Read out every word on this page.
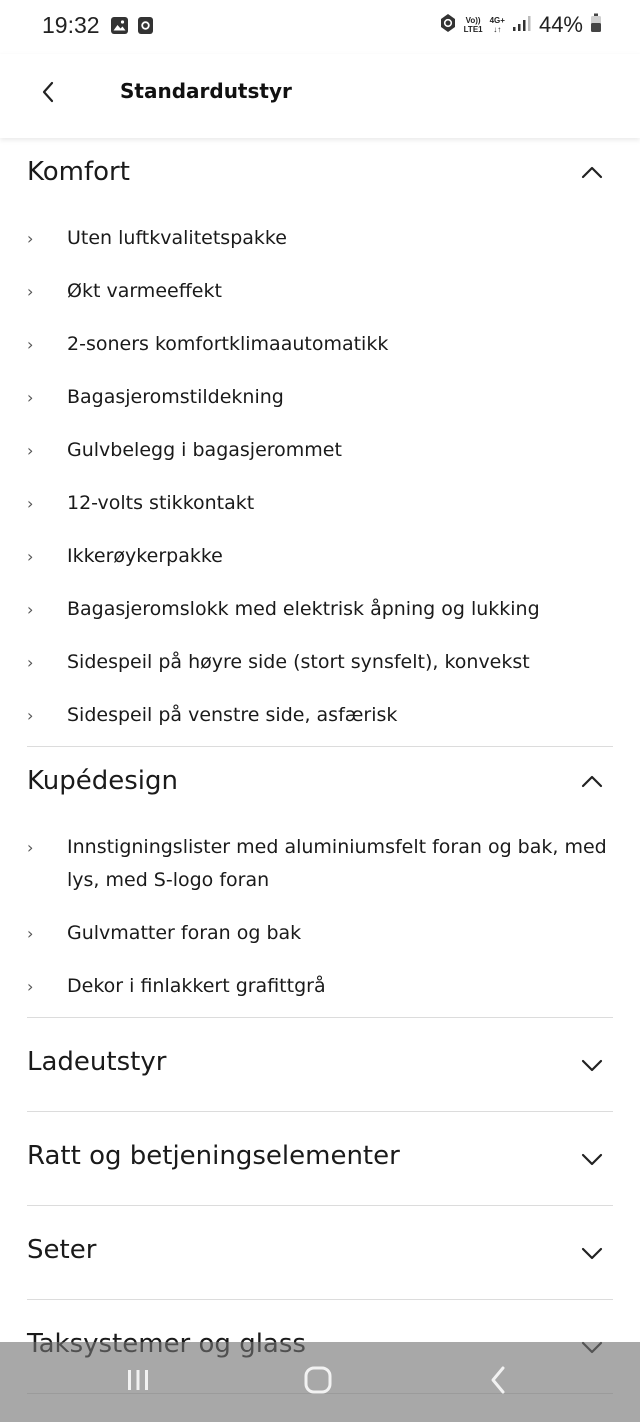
19:32	Vo))
LTE1
4G+
↓↑ 44%
Standardutstyr
Komfort
› Uten luftkvalitetspakke
› Økt varmeeffekt
› 2-soners komfortklimaautomatikk
› Bagasjeromstildekning
› Gulvbelegg i bagasjerommet
› 12-volts stikkontakt
› Ikkerøykerpakke
› Bagasjeromslokk med elektrisk åpning og lukking
› Sidespeil på høyre side (stort synsfelt), konvekst
› Sidespeil på venstre side, asfærisk
Kupédesign
› Innstigningslister med aluminiumsfelt foran og bak, med lys, med S-logo foran
› Gulvmatter foran og bak
› Dekor i finlakkert grafittgrå
Ladeutstyr
Ratt og betjeningselementer
Seter
